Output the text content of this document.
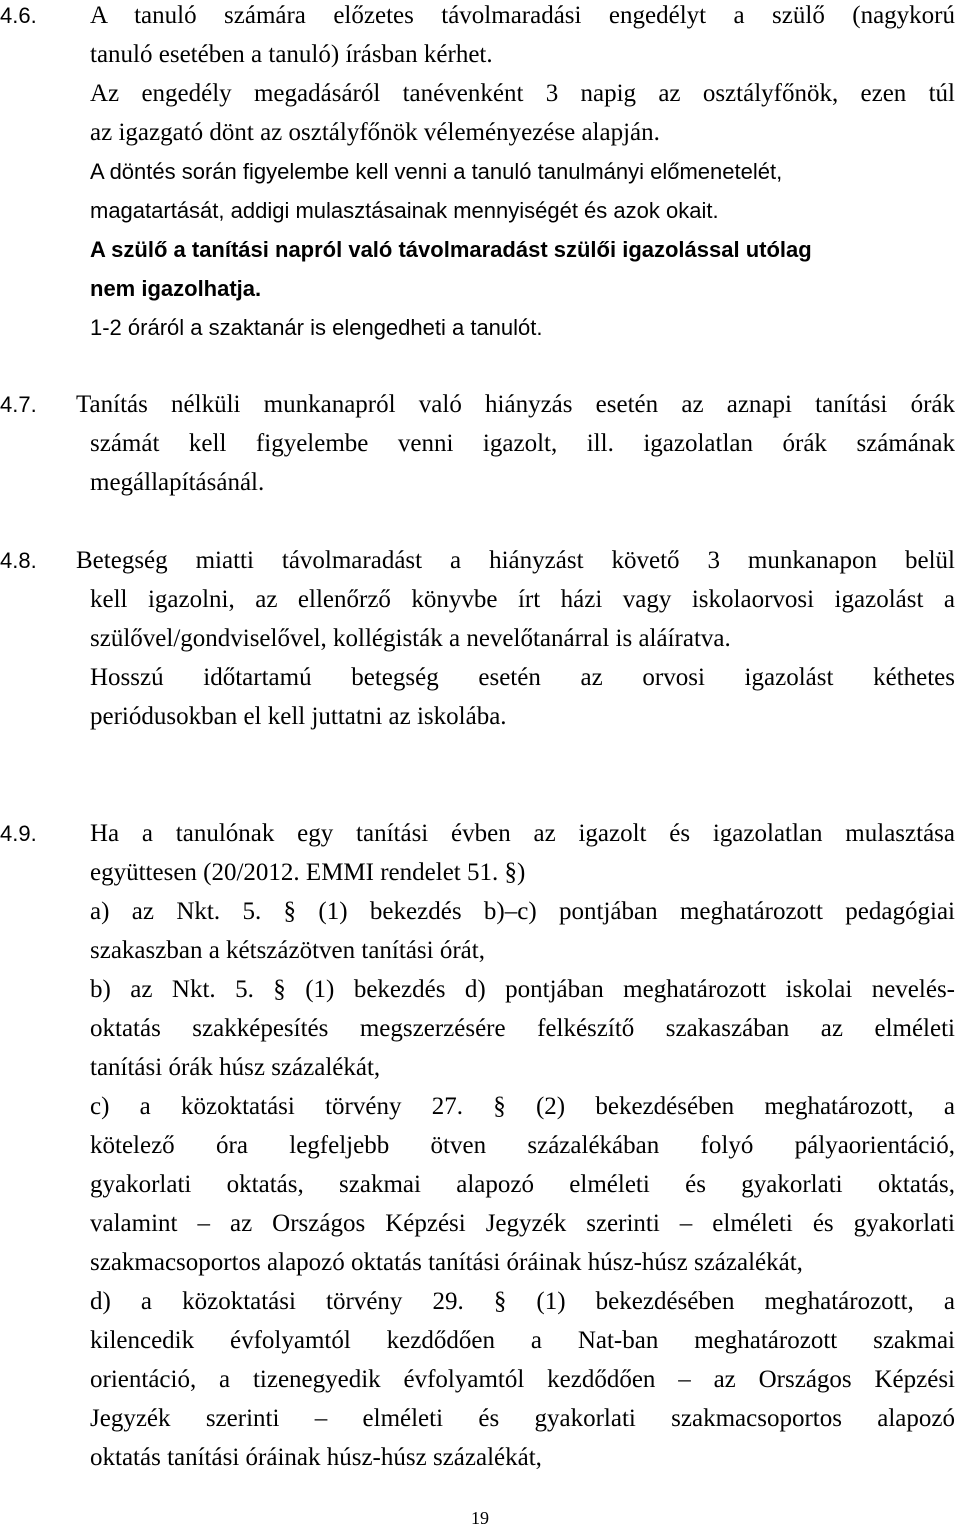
4.6. A tanuló számára előzetes távolmaradási engedélyt a szülő (nagykorú
tanuló esetében a tanuló) írásban kérhet.
Az engedély megadásáról tanévenként 3 napig az osztályfőnök, ezen túl
az igazgató dönt az osztályfőnök véleményezése alapján.
A döntés során figyelembe kell venni a tanuló tanulmányi előmenetelét,
magatartását, addigi mulasztásainak mennyiségét és azok okait.
A szülő a tanítási napról való távolmaradást szülői igazolással utólag
nem igazolhatja.
1-2 óráról a szaktanár is elengedheti a tanulót.
4.7. Tanítás nélküli munkanapról való hiányzás esetén az aznapi tanítási órák
számát kell figyelembe venni igazolt, ill. igazolatlan órák számának
megállapításánál.
4.8. Betegség miatti távolmaradást a hiányzást követő 3 munkanapon belül
kell igazolni, az ellenőrző könyvbe írt házi vagy iskolaorvosi igazolást a
szülővel/gondviselővel, kollégisták a nevelőtanárral is aláíratva.
Hosszú időtartamú betegség esetén az orvosi igazolást kéthetes
periódusokban el kell juttatni az iskolába.
4.9. Ha a tanulónak egy tanítási évben az igazolt és igazolatlan mulasztása
együttesen (20/2012. EMMI rendelet 51. §)
a) az Nkt. 5. § (1) bekezdés b)–c) pontjában meghatározott pedagógiai
szakaszban a kétszázötven tanítási órát,
b) az Nkt. 5. § (1) bekezdés d) pontjában meghatározott iskolai nevelés-
oktatás szakképesítés megszerzésére felkészítő szakaszában az elméleti
tanítási órák húsz százalékát,
c) a közoktatási törvény 27. § (2) bekezdésében meghatározott, a
kötelező óra legfeljebb ötven százalékában folyó pályaorientáció,
gyakorlati oktatás, szakmai alapozó elméleti és gyakorlati oktatás,
valamint – az Országos Képzési Jegyzék szerinti – elméleti és gyakorlati
szakmacsoportos alapozó oktatás tanítási óráinak húsz-húsz százalékát,
d) a közoktatási törvény 29. § (1) bekezdésében meghatározott, a
kilencedik évfolyamtól kezdődően a Nat-ban meghatározott szakmai
orientáció, a tizenegyedik évfolyamtól kezdődően – az Országos Képzési
Jegyzék szerinti – elméleti és gyakorlati szakmacsoportos alapozó
oktatás tanítási óráinak húsz-húsz százalékát,
19
